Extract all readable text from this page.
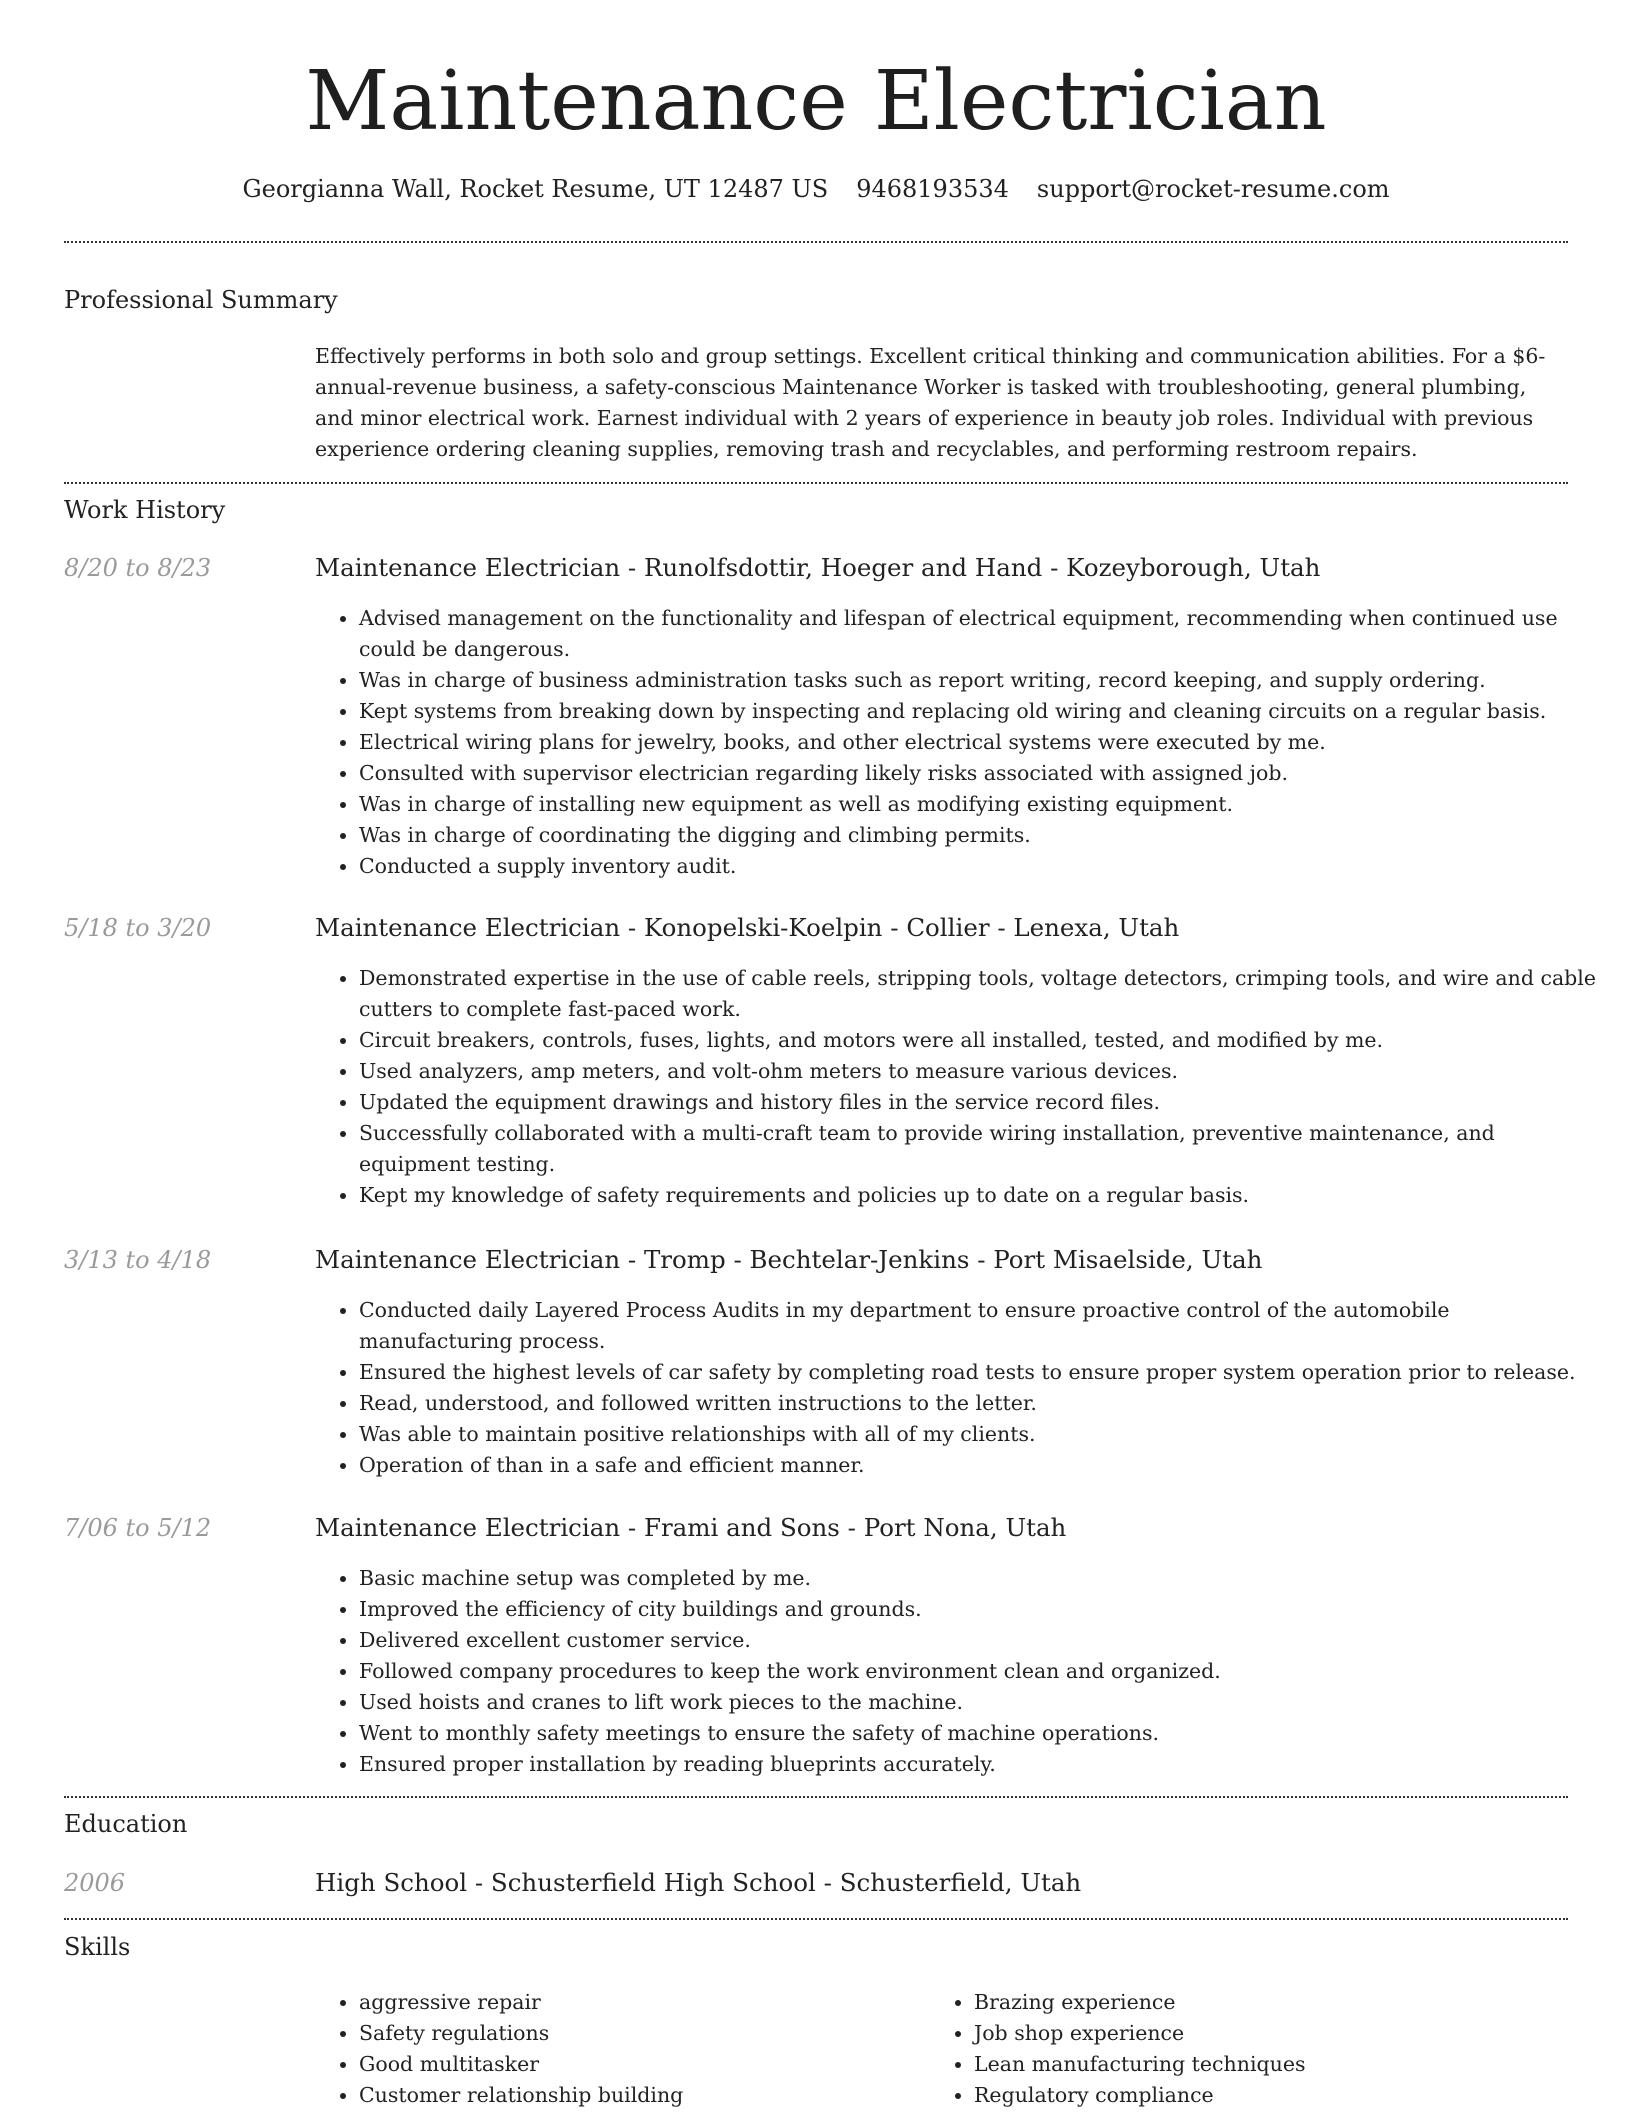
Maintenance Electrician
Georgianna Wall, Rocket Resume, UT 12487 US 9468193534 support@rocket-resume.com
Professional Summary
Effectively performs in both solo and group settings. Excellent critical thinking and communication abilities. For a $6-annual-revenue business, a safety-conscious Maintenance Worker is tasked with troubleshooting, general plumbing, and minor electrical work. Earnest individual with 2 years of experience in beauty job roles. Individual with previous experience ordering cleaning supplies, removing trash and recyclables, and performing restroom repairs.
Work History
8/20 to 8/23	Maintenance Electrician - Runolfsdottir, Hoeger and Hand - Kozeyborough, Utah
• Advised management on the functionality and lifespan of electrical equipment, recommending when continued use could be dangerous.
• Was in charge of business administration tasks such as report writing, record keeping, and supply ordering.
• Kept systems from breaking down by inspecting and replacing old wiring and cleaning circuits on a regular basis.
• Electrical wiring plans for jewelry, books, and other electrical systems were executed by me.
• Consulted with supervisor electrician regarding likely risks associated with assigned job.
• Was in charge of installing new equipment as well as modifying existing equipment.
• Was in charge of coordinating the digging and climbing permits.
• Conducted a supply inventory audit.
5/18 to 3/20	Maintenance Electrician - Konopelski-Koelpin - Collier - Lenexa, Utah
• Demonstrated expertise in the use of cable reels, stripping tools, voltage detectors, crimping tools, and wire and cable cutters to complete fast-paced work.
• Circuit breakers, controls, fuses, lights, and motors were all installed, tested, and modified by me.
• Used analyzers, amp meters, and volt-ohm meters to measure various devices.
• Updated the equipment drawings and history files in the service record files.
• Successfully collaborated with a multi-craft team to provide wiring installation, preventive maintenance, and equipment testing.
• Kept my knowledge of safety requirements and policies up to date on a regular basis.
3/13 to 4/18	Maintenance Electrician - Tromp - Bechtelar-Jenkins - Port Misaelside, Utah
• Conducted daily Layered Process Audits in my department to ensure proactive control of the automobile manufacturing process.
• Ensured the highest levels of car safety by completing road tests to ensure proper system operation prior to release.
• Read, understood, and followed written instructions to the letter.
• Was able to maintain positive relationships with all of my clients.
• Operation of than in a safe and efficient manner.
7/06 to 5/12	Maintenance Electrician - Frami and Sons - Port Nona, Utah
• Basic machine setup was completed by me.
• Improved the efficiency of city buildings and grounds.
• Delivered excellent customer service.
• Followed company procedures to keep the work environment clean and organized.
• Used hoists and cranes to lift work pieces to the machine.
• Went to monthly safety meetings to ensure the safety of machine operations.
• Ensured proper installation by reading blueprints accurately.
Education
2006	High School - Schusterfield High School - Schusterfield, Utah
Skills
• aggressive repair
• Safety regulations
• Good multitasker
• Customer relationship building
• Brazing experience
• Job shop experience
• Lean manufacturing techniques
• Regulatory compliance
